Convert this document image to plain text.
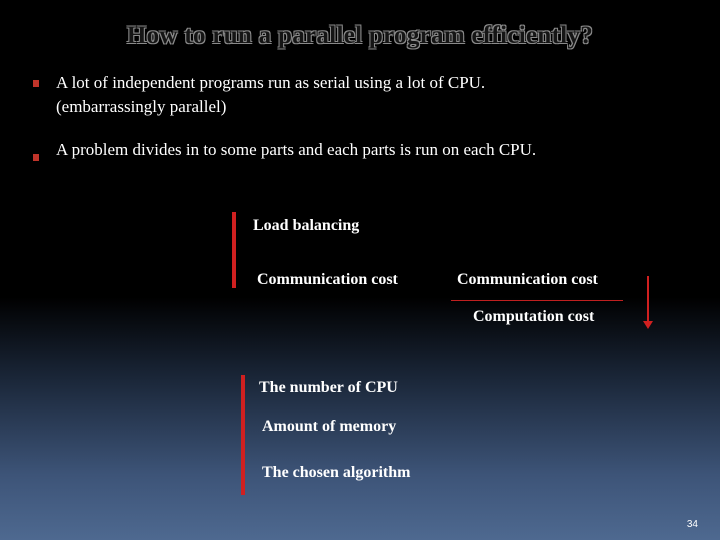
How to run a parallel program efficiently?
A lot of independent programs run as serial using a lot of CPU.
(embarrassingly parallel)
A problem divides in to some parts and each parts is run on each CPU.
Load balancing
Communication cost	Communication cost
Computation cost
The number of CPU
Amount of memory
The chosen algorithm
34
